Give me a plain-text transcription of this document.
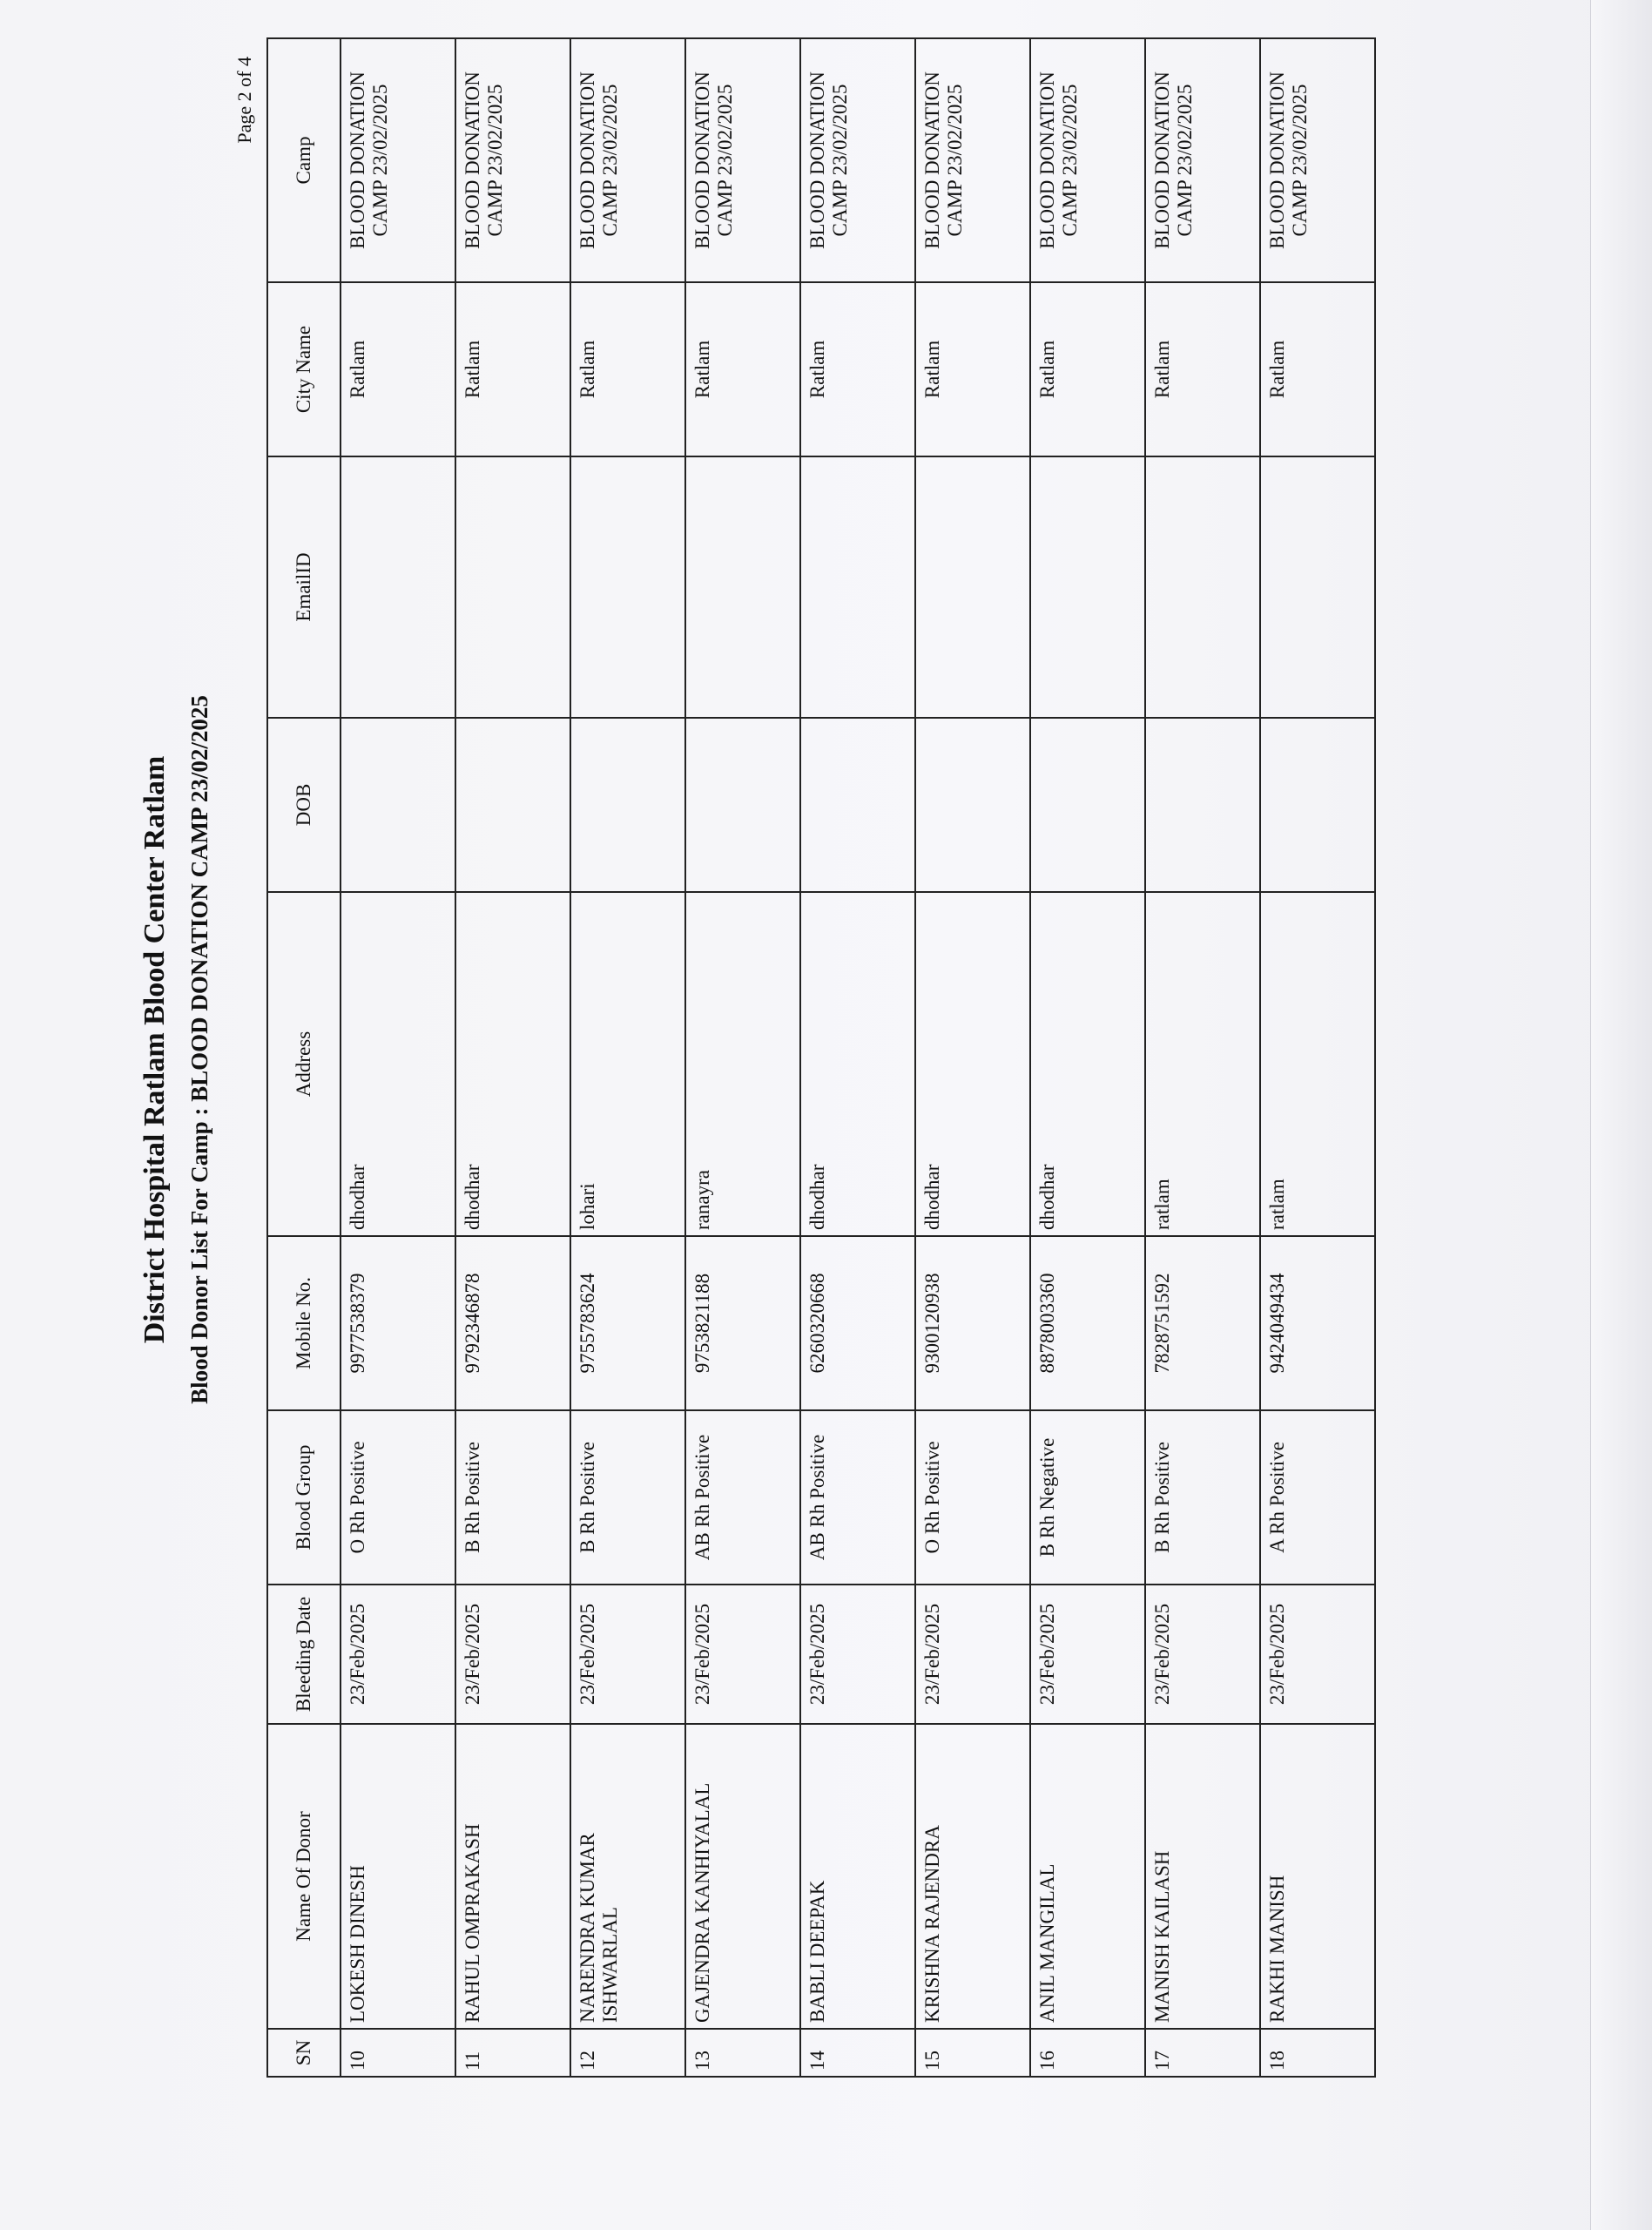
District Hospital Ratlam Blood Center Ratlam Blood Donor List For Camp : BLOOD DONATION CAMP 23/02/2025
Page 2 of 4
SN	Name Of Donor	Bleeding Date	Blood Group	Mobile No.	Address	DOB	EmailID	City Name	Camp
10	LOKESH DINESH	23/Feb/2025	O Rh Positive	9977538379	dhodhar			Ratlam	BLOOD DONATION CAMP 23/02/2025
11	RAHUL OMPRAKASH	23/Feb/2025	B Rh Positive	9792346878	dhodhar			Ratlam	BLOOD DONATION CAMP 23/02/2025
12	NARENDRA KUMAR ISHWARLAL	23/Feb/2025	B Rh Positive	9755783624	lohari			Ratlam	BLOOD DONATION CAMP 23/02/2025
13	GAJENDRA KANHIYALAL	23/Feb/2025	AB Rh Positive	9753821188	ranayra			Ratlam	BLOOD DONATION CAMP 23/02/2025
14	BABLI DEEPAK	23/Feb/2025	AB Rh Positive	6260320668	dhodhar			Ratlam	BLOOD DONATION CAMP 23/02/2025
15	KRISHNA RAJENDRA	23/Feb/2025	O Rh Positive	9300120938	dhodhar			Ratlam	BLOOD DONATION CAMP 23/02/2025
16	ANIL MANGILAL	23/Feb/2025	B Rh Negative	8878003360	dhodhar			Ratlam	BLOOD DONATION CAMP 23/02/2025
17	MANISH KAILASH	23/Feb/2025	B Rh Positive	7828751592	ratlam			Ratlam	BLOOD DONATION CAMP 23/02/2025
18	RAKHI MANISH	23/Feb/2025	A Rh Positive	9424049434	ratlam			Ratlam	BLOOD DONATION CAMP 23/02/2025
